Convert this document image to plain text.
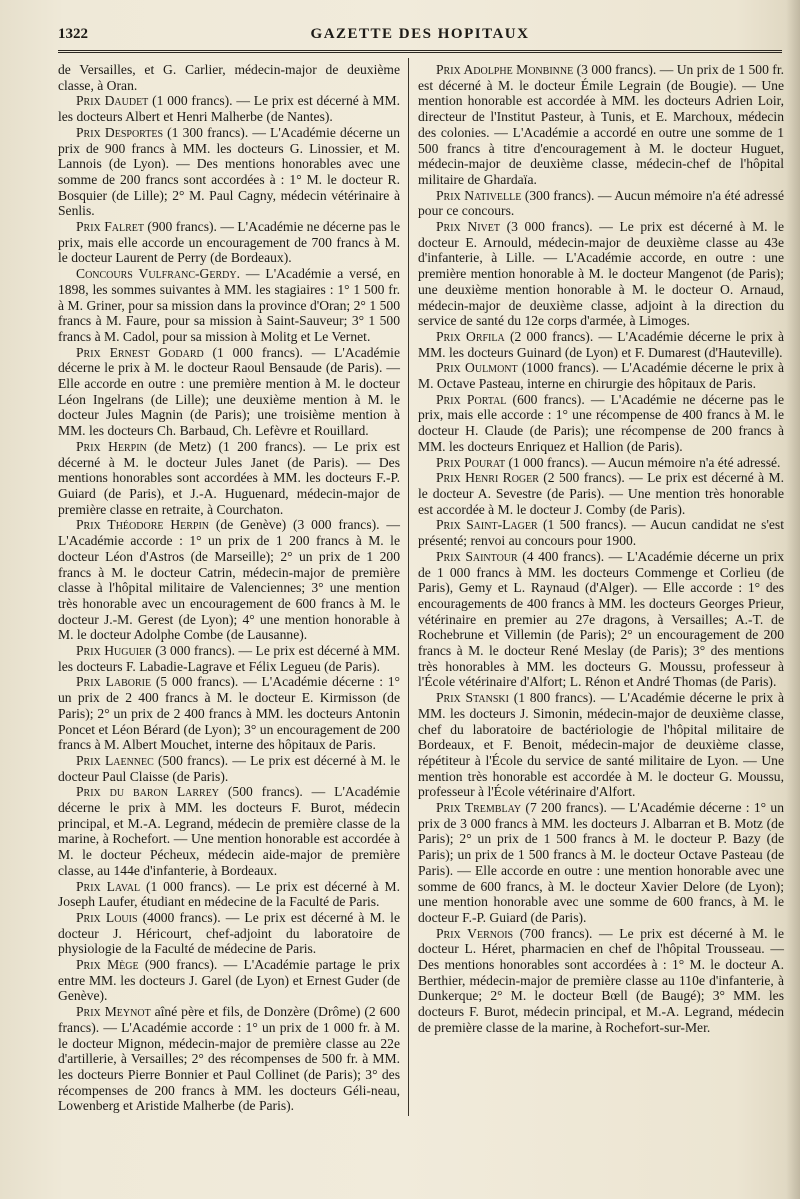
1322	GAZETTE DES HOPITAUX

de Versailles, et G. Carlier, médecin-major de deuxième classe, à Oran.

Prix Daudet (1 000 francs). — Le prix est décerné à MM. les docteurs Albert et Henri Malherbe (de Nantes).

Prix Desportes (1 300 francs). — L'Académie décerne un prix de 900 francs à MM. les docteurs G. Linossier, et M. Lannois (de Lyon). — Des mentions honorables avec une somme de 200 francs sont accordées à : 1° M. le docteur R. Bosquier (de Lille); 2° M. Paul Cagny, médecin vétérinaire à Senlis.

Prix Falret (900 francs). — L'Académie ne décerne pas le prix, mais elle accorde un encouragement de 700 francs à M. le docteur Laurent de Perry (de Bordeaux).

Concours Vulfranc-Gerdy. — L'Académie a versé, en 1898, les sommes suivantes à MM. les stagiaires : 1° 1 500 fr. à M. Griner, pour sa mission dans la province d'Oran; 2° 1 500 francs à M. Faure, pour sa mission à Saint-Sauveur; 3° 1 500 francs à M. Cadol, pour sa mission à Molitg et Le Vernet.

Prix Ernest Godard (1 000 francs). — L'Académie décerne le prix à M. le docteur Raoul Bensaude (de Paris). — Elle accorde en outre : une première mention à M. le docteur Léon Ingelrans (de Lille); une deuxième mention à M. le docteur Jules Magnin (de Paris); une troisième mention à MM. les docteurs Ch. Barbaud, Ch. Lefèvre et Rouillard.

Prix Herpin (de Metz) (1 200 francs). — Le prix est décerné à M. le docteur Jules Janet (de Paris). — Des mentions honorables sont accordées à MM. les docteurs F.-P. Guiard (de Paris), et J.-A. Huguenard, médecin-major de première classe en retraite, à Courchaton.

Prix Théodore Herpin (de Genève) (3 000 francs). — L'Académie accorde : 1° un prix de 1 200 francs à M. le docteur Léon d'Astros (de Marseille); 2° un prix de 1 200 francs à M. le docteur Catrin, médecin-major de première classe à l'hôpital militaire de Valenciennes; 3° une mention très honorable avec un encouragement de 600 francs à M. le docteur J.-M. Gerest (de Lyon); 4° une mention honorable à M. le docteur Adolphe Combe (de Lausanne).

Prix Huguier (3 000 francs). — Le prix est décerné à MM. les docteurs F. Labadie-Lagrave et Félix Legueu (de Paris).

Prix Laborie (5 000 francs). — L'Académie décerne : 1° un prix de 2 400 francs à M. le docteur E. Kirmisson (de Paris); 2° un prix de 2 400 francs à MM. les docteurs Antonin Poncet et Léon Bérard (de Lyon); 3° un encouragement de 200 francs à M. Albert Mouchet, interne des hôpitaux de Paris.

Prix Laennec (500 francs). — Le prix est décerné à M. le docteur Paul Claisse (de Paris).

Prix du baron Larrey (500 francs). — L'Académie décerne le prix à MM. les docteurs F. Burot, médecin principal, et M.-A. Legrand, médecin de première classe de la marine, à Rochefort. — Une mention honorable est accordée à M. le docteur Pécheux, médecin aide-major de première classe, au 144e d'infanterie, à Bordeaux.

Prix Laval (1 000 francs). — Le prix est décerné à M. Joseph Laufer, étudiant en médecine de la Faculté de Paris.

Prix Louis (4000 francs). — Le prix est décerné à M. le docteur J. Héricourt, chef-adjoint du laboratoire de physiologie de la Faculté de médecine de Paris.

Prix Mège (900 francs). — L'Académie partage le prix entre MM. les docteurs J. Garel (de Lyon) et Ernest Guder (de Genève).

Prix Meynot aîné père et fils, de Donzère (Drôme) (2 600 francs). — L'Académie accorde : 1° un prix de 1 000 fr. à M. le docteur Mignon, médecin-major de première classe au 22e d'artillerie, à Versailles; 2° des récompenses de 500 fr. à MM. les docteurs Pierre Bonnier et Paul Collinet (de Paris); 3° des récompenses de 200 francs à MM. les docteurs Géli-neau, Lowenberg et Aristide Malherbe (de Paris).

Prix Adolphe Monbinne (3 000 francs). — Un prix de 1 500 fr. est décerné à M. le docteur Émile Legrain (de Bougie). — Une mention honorable est accordée à MM. les docteurs Adrien Loir, directeur de l'Institut Pasteur, à Tunis, et E. Marchoux, médecin des colonies. — L'Académie a accordé en outre une somme de 1 500 francs à titre d'encouragement à M. le docteur Huguet, médecin-major de deuxième classe, médecin-chef de l'hôpital militaire de Ghardaïa.

Prix Nativelle (300 francs). — Aucun mémoire n'a été adressé pour ce concours.

Prix Nivet (3 000 francs). — Le prix est décerné à M. le docteur E. Arnould, médecin-major de deuxième classe au 43e d'infanterie, à Lille. — L'Académie accorde, en outre : une première mention honorable à M. le docteur Mangenot (de Paris); une deuxième mention honorable à M. le docteur O. Arnaud, médecin-major de deuxième classe, adjoint à la direction du service de santé du 12e corps d'armée, à Limoges.

Prix Orfila (2 000 francs). — L'Académie décerne le prix à MM. les docteurs Guinard (de Lyon) et F. Dumarest (d'Hauteville).

Prix Oulmont (1000 francs). — L'Académie décerne le prix à M. Octave Pasteau, interne en chirurgie des hôpitaux de Paris.

Prix Portal (600 francs). — L'Académie ne décerne pas le prix, mais elle accorde : 1° une récompense de 400 francs à M. le docteur H. Claude (de Paris); une récompense de 200 francs à MM. les docteurs Enriquez et Hallion (de Paris).

Prix Pourat (1 000 francs). — Aucun mémoire n'a été adressé.

Prix Henri Roger (2 500 francs). — Le prix est décerné à M. le docteur A. Sevestre (de Paris). — Une mention très honorable est accordée à M. le docteur J. Comby (de Paris).

Prix Saint-Lager (1 500 francs). — Aucun candidat ne s'est présenté; renvoi au concours pour 1900.

Prix Saintour (4 400 francs). — L'Académie décerne un prix de 1 000 francs à MM. les docteurs Commenge et Corlieu (de Paris), Gemy et L. Raynaud (d'Alger). — Elle accorde : 1° des encouragements de 400 francs à MM. les docteurs Georges Prieur, vétérinaire en premier au 27e dragons, à Versailles; A.-T. de Rochebrune et Villemin (de Paris); 2° un encouragement de 200 francs à M. le docteur René Meslay (de Paris); 3° des mentions très honorables à MM. les docteurs G. Moussu, professeur à l'École vétérinaire d'Alfort; L. Rénon et André Thomas (de Paris).

Prix Stanski (1 800 francs). — L'Académie décerne le prix à MM. les docteurs J. Simonin, médecin-major de deuxième classe, chef du laboratoire de bactériologie de l'hôpital militaire de Bordeaux, et F. Benoit, médecin-major de deuxième classe, répétiteur à l'École du service de santé militaire de Lyon. — Une mention très honorable est accordée à M. le docteur G. Moussu, professeur à l'École vétérinaire d'Alfort.

Prix Tremblay (7 200 francs). — L'Académie décerne : 1° un prix de 3 000 francs à MM. les docteurs J. Albarran et B. Motz (de Paris); 2° un prix de 1 500 francs à M. le docteur P. Bazy (de Paris); un prix de 1 500 francs à M. le docteur Octave Pasteau (de Paris). — Elle accorde en outre : une mention honorable avec une somme de 600 francs, à M. le docteur Xavier Delore (de Lyon); une mention honorable avec une somme de 600 francs, à M. le docteur F.-P. Guiard (de Paris).

Prix Vernois (700 francs). — Le prix est décerné à M. le docteur L. Héret, pharmacien en chef de l'hôpital Trousseau. — Des mentions honorables sont accordées à : 1° M. le docteur A. Berthier, médecin-major de première classe au 110e d'infanterie, à Dunkerque; 2° M. le docteur Bœll (de Baugé); 3° MM. les docteurs F. Burot, médecin principal, et M.-A. Legrand, médecin de première classe de la marine, à Rochefort-sur-Mer.
